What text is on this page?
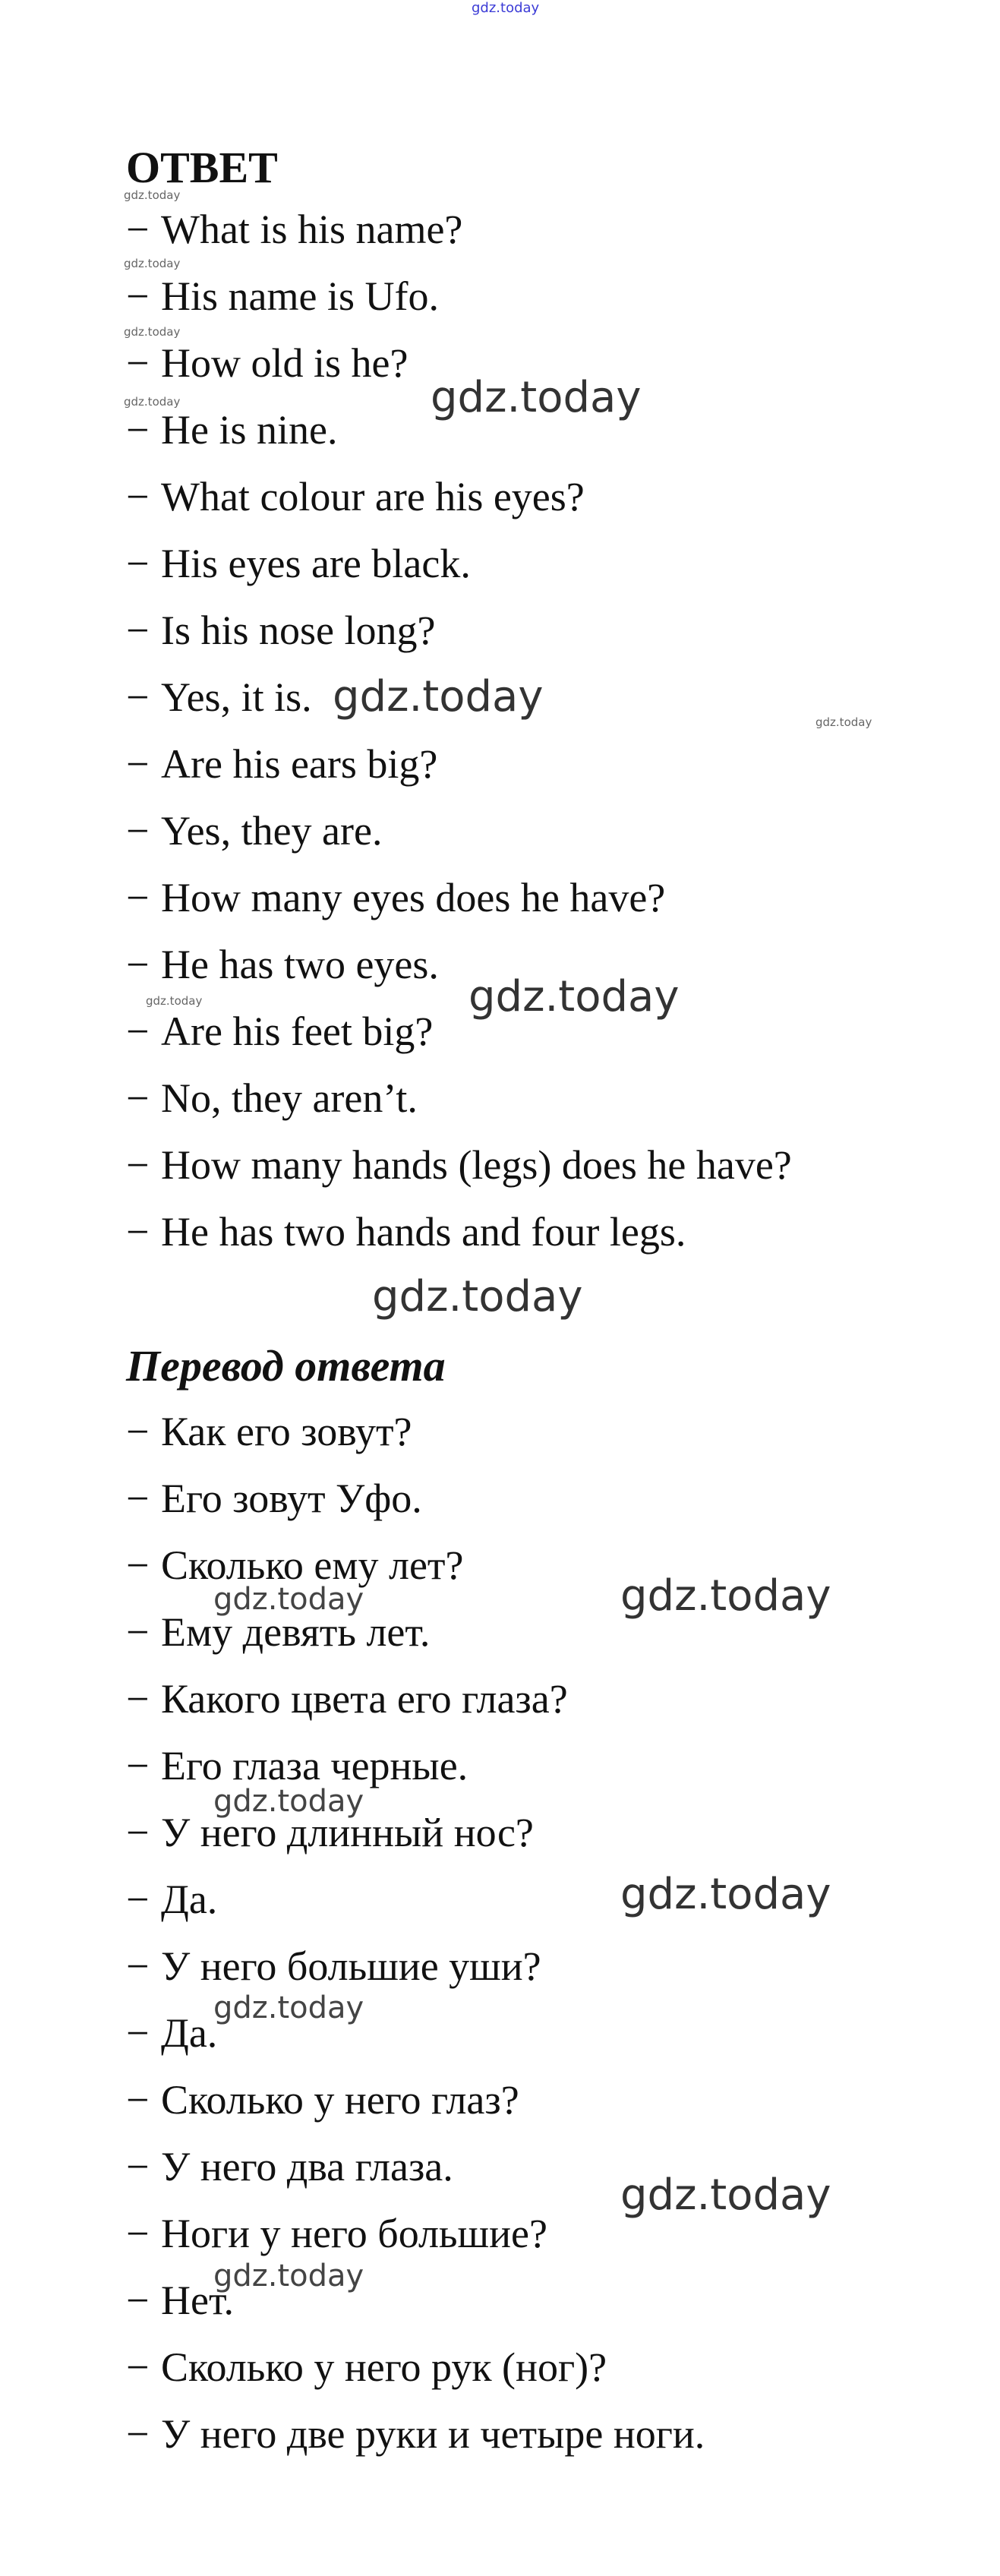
gdz.today
ОТВЕТ
− What is his name?
− His name is Ufo.
− How old is he?
− He is nine.
− What colour are his eyes?
− His eyes are black.
− Is his nose long?
− Yes, it is.
− Are his ears big?
− Yes, they are.
− How many eyes does he have?
− He has two eyes.
− Are his feet big?
− No, they aren’t.
− How many hands (legs) does he have?
− He has two hands and four legs.
Перевод ответа
− Как его зовут?
− Его зовут Уфо.
− Сколько ему лет?
− Ему девять лет.
− Какого цвета его глаза?
− Его глаза черные.
− У него длинный нос?
− Да.
− У него большие уши?
− Да.
− Сколько у него глаз?
− У него два глаза.
− Ноги у него большие?
− Нет.
− Сколько у него рук (ног)?
− У него две руки и четыре ноги.
gdz.today
gdz.today
gdz.today
gdz.today	gdz.today
gdz.today
gdz.today
gdz.today	gdz.today
gdz.today
gdz.today	gdz.today
gdz.today
gdz.today
gdz.today
gdz.today
gdz.today
